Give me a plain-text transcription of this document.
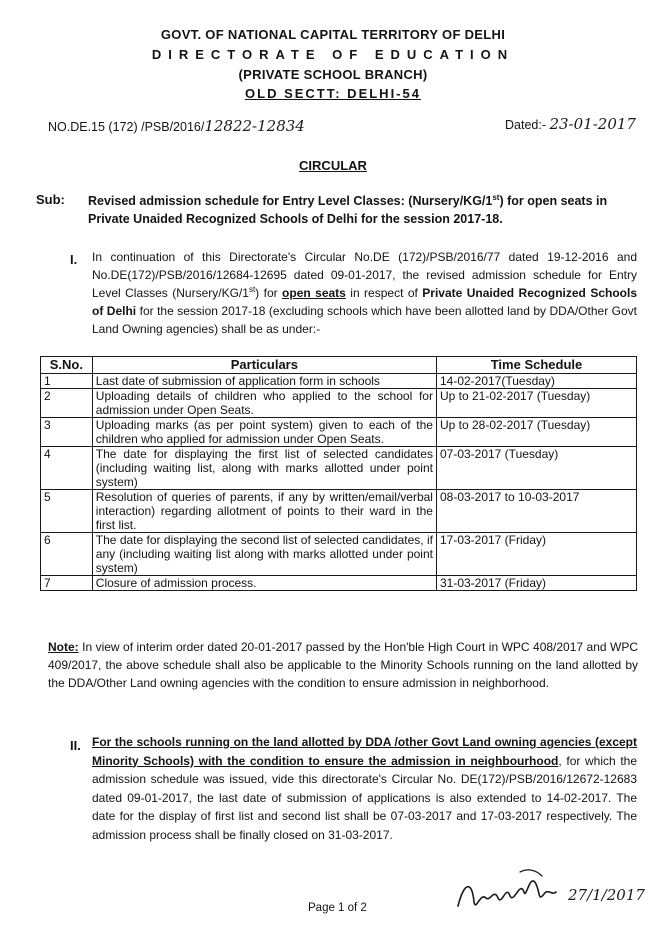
GOVT. OF NATIONAL CAPITAL TERRITORY OF DELHI
DIRECTORATE OF EDUCATION
(PRIVATE SCHOOL BRANCH)
OLD SECTT: DELHI-54
NO.DE.15 (172) /PSB/2016/12822-12834	Dated:- 23-01-2017
CIRCULAR
Sub: Revised admission schedule for Entry Level Classes: (Nursery/KG/1st) for open seats in Private Unaided Recognized Schools of Delhi for the session 2017-18.
I. In continuation of this Directorate's Circular No.DE (172)/PSB/2016/77 dated 19-12-2016 and No.DE(172)/PSB/2016/12684-12695 dated 09-01-2017, the revised admission schedule for Entry Level Classes (Nursery/KG/1st) for open seats in respect of Private Unaided Recognized Schools of Delhi for the session 2017-18 (excluding schools which have been allotted land by DDA/Other Govt Land Owning agencies) shall be as under:-
S.No.	Particulars	Time Schedule
1	Last date of submission of application form in schools	14-02-2017(Tuesday)
2	Uploading details of children who applied to the school for admission under Open Seats.	Up to 21-02-2017 (Tuesday)
3	Uploading marks (as per point system) given to each of the children who applied for admission under Open Seats.	Up to 28-02-2017 (Tuesday)
4	The date for displaying the first list of selected candidates (including waiting list, along with marks allotted under point system)	07-03-2017 (Tuesday)
5	Resolution of queries of parents, if any by written/email/verbal interaction) regarding allotment of points to their ward in the first list.	08-03-2017 to 10-03-2017
6	The date for displaying the second list of selected candidates, if any (including waiting list along with marks allotted under point system)	17-03-2017 (Friday)
7	Closure of admission process.	31-03-2017 (Friday)
Note: In view of interim order dated 20-01-2017 passed by the Hon'ble High Court in WPC 408/2017 and WPC 409/2017, the above schedule shall also be applicable to the Minority Schools running on the land allotted by the DDA/Other Land owning agencies with the condition to ensure admission in neighborhood.
II. For the schools running on the land allotted by DDA /other Govt Land owning agencies (except Minority Schools) with the condition to ensure the admission in neighbourhood, for which the admission schedule was issued, vide this directorate's Circular No. DE(172)/PSB/2016/12672-12683 dated 09-01-2017, the last date of submission of applications is also extended to 14-02-2017. The date for the display of first list and second list shall be 07-03-2017 and 17-03-2017 respectively. The admission process shall be finally closed on 31-03-2017.
Page 1 of 2
27/1/2017
